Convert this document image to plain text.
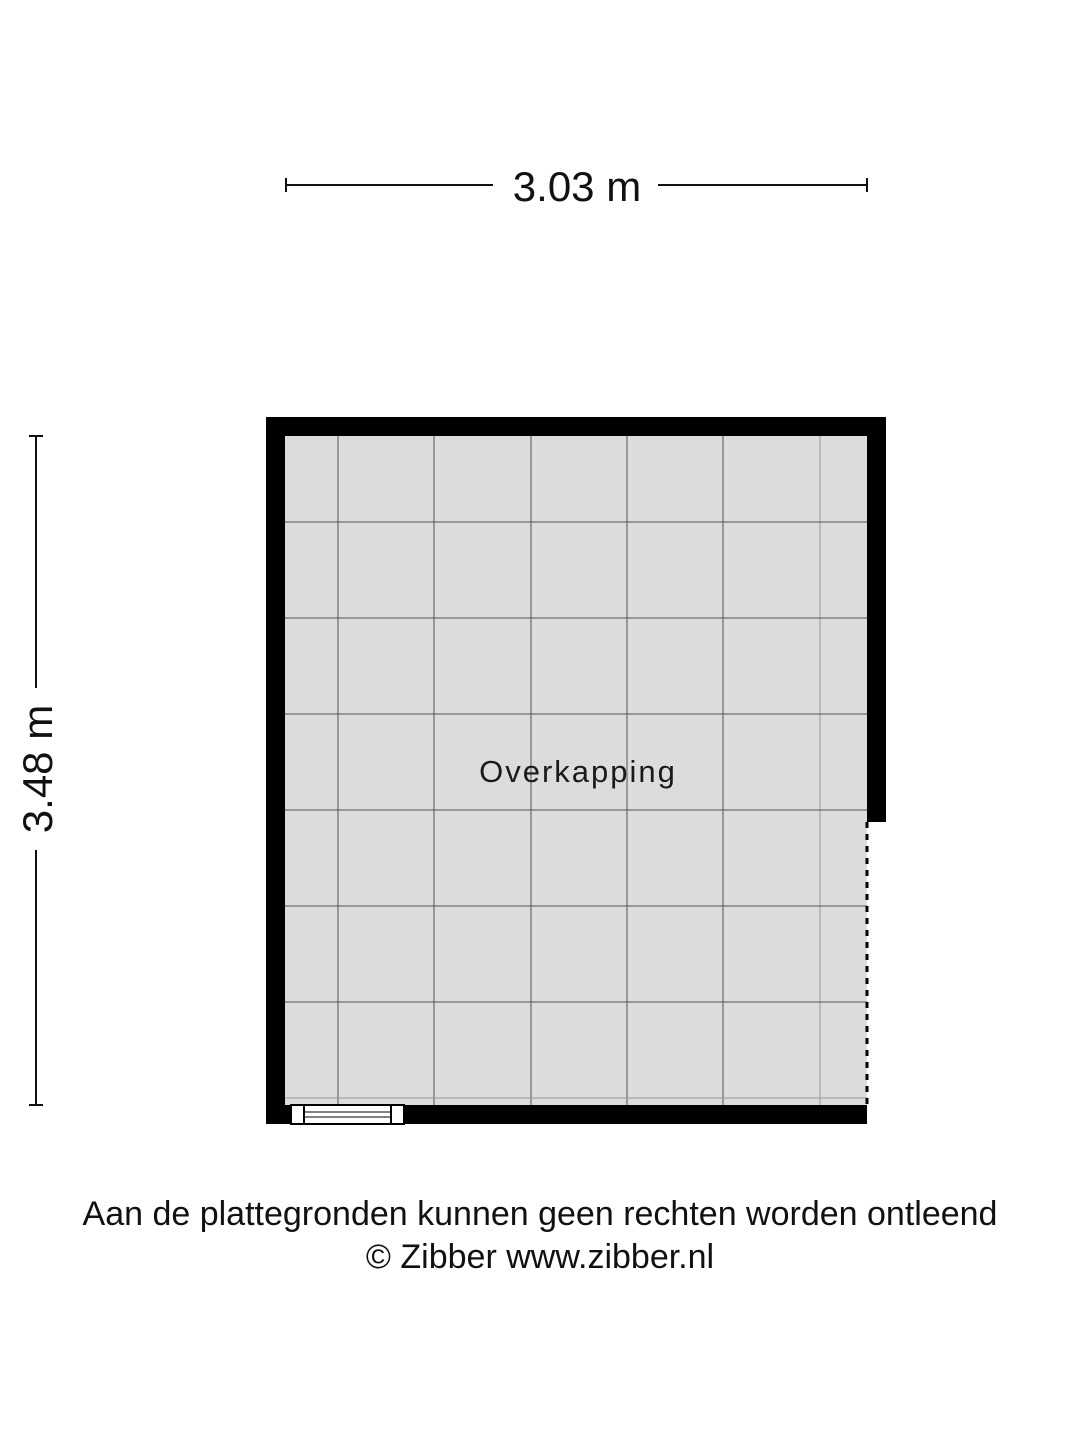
3.03 m
3.48 m	Overkapping
Aan de plattegronden kunnen geen rechten worden ontleend
© Zibber www.zibber.nl
